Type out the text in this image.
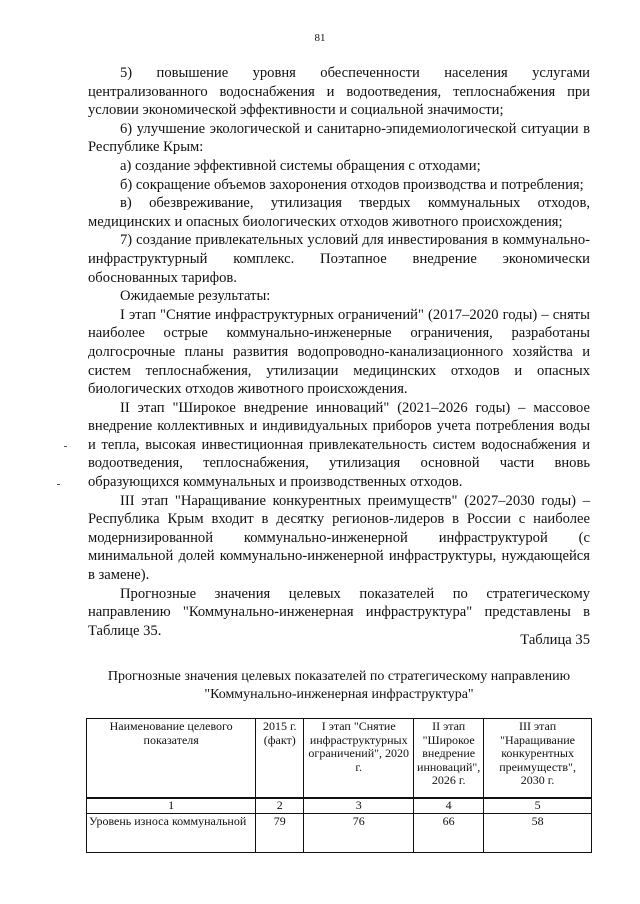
81

5) повышение уровня обеспеченности населения услугами централизованного водоснабжения и водоотведения, теплоснабжения при условии экономической эффективности и социальной значимости;

6) улучшение экологической и санитарно-эпидемиологической ситуации в Республике Крым:

а) создание эффективной системы обращения с отходами;

б) сокращение объемов захоронения отходов производства и потребления;

в) обезвреживание, утилизация твердых коммунальных отходов, медицинских и опасных биологических отходов животного происхождения;

7) создание привлекательных условий для инвестирования в коммунально-инфраструктурный комплекс. Поэтапное внедрение экономически обоснованных тарифов.

Ожидаемые результаты:

I этап "Снятие инфраструктурных ограничений" (2017–2020 годы) – сняты наиболее острые коммунально-инженерные ограничения, разработаны долгосрочные планы развития водопроводно-канализационного хозяйства и систем теплоснабжения, утилизации медицинских отходов и опасных биологических отходов животного происхождения.

II этап "Широкое внедрение инноваций" (2021–2026 годы) – массовое внедрение коллективных и индивидуальных приборов учета потребления воды и тепла, высокая инвестиционная привлекательность систем водоснабжения и водоотведения, теплоснабжения, утилизация основной части вновь образующихся коммунальных и производственных отходов.

III этап "Наращивание конкурентных преимуществ" (2027–2030 годы) – Республика Крым входит в десятку регионов-лидеров в России с наиболее модернизированной коммунально-инженерной инфраструктурой (с минимальной долей коммунально-инженерной инфраструктуры, нуждающейся в замене).

Прогнозные значения целевых показателей по стратегическому направлению "Коммунально-инженерная инфраструктура" представлены в Таблице 35.

Таблица 35
Прогнозные значения целевых показателей по стратегическому направлению "Коммунально-инженерная инфраструктура"
Наименование целевого показателя	2015 г. (факт)	I этап "Снятие инфраструктурных ограничений", 2020 г.	II этап "Широкое внедрение инноваций", 2026 г.	III этап "Наращивание конкурентных преимуществ", 2030 г.
1	2	3	4	5
Уровень износа коммунальной	79	76	66	58
